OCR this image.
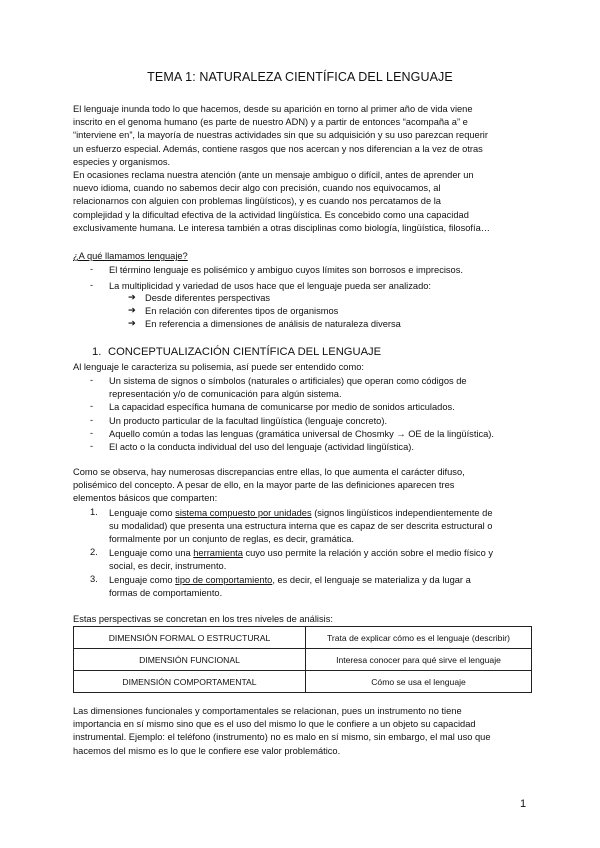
TEMA 1: NATURALEZA CIENTÍFICA DEL LENGUAJE

El lenguaje inunda todo lo que hacemos, desde su aparición en torno al primer año de vida viene
inscrito en el genoma humano (es parte de nuestro ADN) y a partir de entonces “acompaña a” e
“interviene en”, la mayoría de nuestras actividades sin que su adquisición y su uso parezcan requerir
un esfuerzo especial. Además, contiene rasgos que nos acercan y nos diferencian a la vez de otras
especies y organismos.

En ocasiones reclama nuestra atención (ante un mensaje ambiguo o difícil, antes de aprender un
nuevo idioma, cuando no sabemos decir algo con precisión, cuando nos equivocamos, al
relacionarnos con alguien con problemas lingüísticos), y es cuando nos percatamos de la
complejidad y la dificultad efectiva de la actividad lingüística. Es concebido como una capacidad
exclusivamente humana. Le interesa también a otras disciplinas como biología, lingüística, filosofía…

¿A qué llamamos lenguaje?
- El término lenguaje es polisémico y ambiguo cuyos límites son borrosos e imprecisos.
- La multiplicidad y variedad de usos hace que el lenguaje pueda ser analizado:
➔ Desde diferentes perspectivas
➔ En relación con diferentes tipos de organismos
➔ En referencia a dimensiones de análisis de naturaleza diversa
1. CONCEPTUALIZACIÓN CIENTÍFICA DEL LENGUAJE
Al lenguaje le caracteriza su polisemia, así puede ser entendido como:
- Un sistema de signos o símbolos (naturales o artificiales) que operan como códigos de
representación y/o de comunicación para algún sistema.
- La capacidad específica humana de comunicarse por medio de sonidos articulados.
- Un producto particular de la facultad lingüística (lenguaje concreto).
- Aquello común a todas las lenguas (gramática universal de Chosmky → OE de la lingüística).
- El acto o la conducta individual del uso del lenguaje (actividad lingüística).

Como se observa, hay numerosas discrepancias entre ellas, lo que aumenta el carácter difuso,
polisémico del concepto. A pesar de ello, en la mayor parte de las definiciones aparecen tres
elementos básicos que comparten:

1. Lenguaje como sistema compuesto por unidades (signos lingüísticos independientemente de
su modalidad) que presenta una estructura interna que es capaz de ser descrita estructural o
formalmente por un conjunto de reglas, es decir, gramática.
2. Lenguaje como una herramienta cuyo uso permite la relación y acción sobre el medio físico y
social, es decir, instrumento.
3. Lenguaje como tipo de comportamiento, es decir, el lenguaje se materializa y da lugar a
formas de comportamiento.
Estas perspectivas se concretan en los tres niveles de análisis:
DIMENSIÓN FORMAL O ESTRUCTURAL	Trata de explicar cómo es el lenguaje (describir)
DIMENSIÓN FUNCIONAL	Interesa conocer para qué sirve el lenguaje
DIMENSIÓN COMPORTAMENTAL	Cómo se usa el lenguaje

Las dimensiones funcionales y comportamentales se relacionan, pues un instrumento no tiene
importancia en sí mismo sino que es el uso del mismo lo que le confiere a un objeto su capacidad
instrumental. Ejemplo: el teléfono (instrumento) no es malo en sí mismo, sin embargo, el mal uso que
hacemos del mismo es lo que le confiere ese valor problemático.

1
